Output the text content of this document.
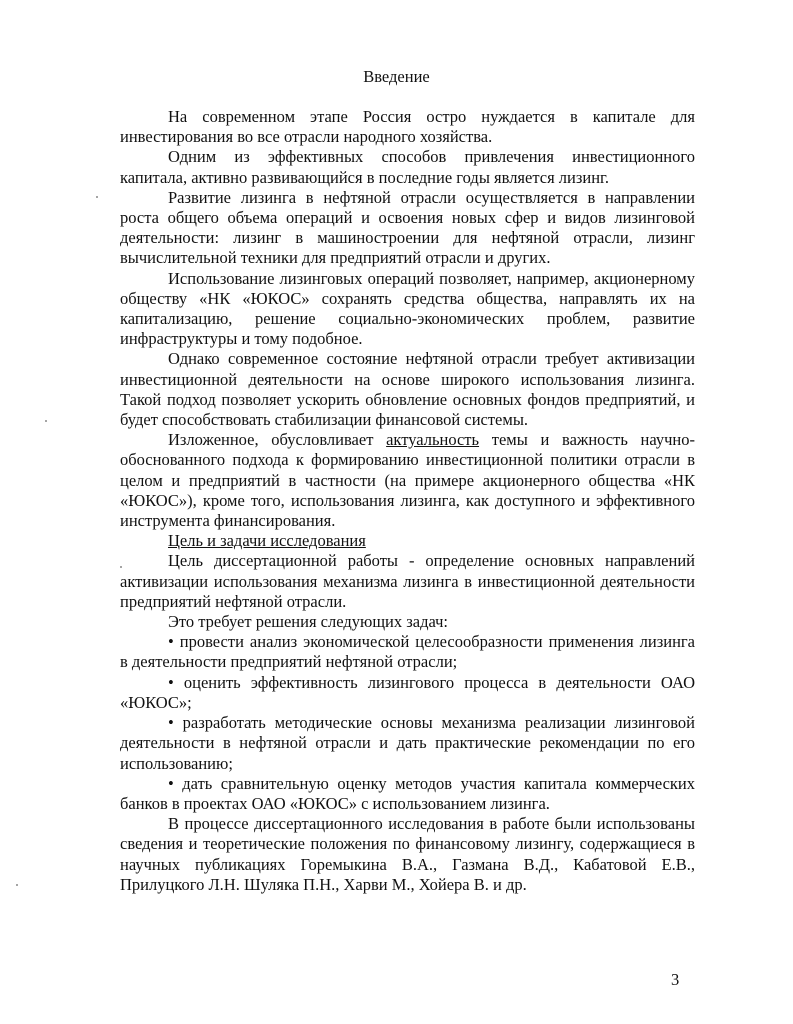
Введение

На современном этапе Россия остро нуждается в капитале для инвестирования во все отрасли народного хозяйства.

Одним из эффективных способов привлечения инвестиционного капитала, активно развивающийся в последние годы является лизинг.

Развитие лизинга в нефтяной отрасли осуществляется в направлении роста общего объема операций и освоения новых сфер и видов лизинговой деятельности: лизинг в машиностроении для нефтяной отрасли, лизинг вычислительной техники для предприятий отрасли и других.

Использование лизинговых операций позволяет, например, акционерному обществу «НК «ЮКОС» сохранять средства общества, направлять их на капитализацию, решение социально-экономических проблем, развитие инфраструктуры и тому подобное.

Однако современное состояние нефтяной отрасли требует активизации инвестиционной деятельности на основе широкого использования лизинга. Такой подход позволяет ускорить обновление основных фондов предприятий, и будет способствовать стабилизации финансовой системы.

Изложенное, обусловливает актуальность темы и важность научно-обоснованного подхода к формированию инвестиционной политики отрасли в целом и предприятий в частности (на примере акционерного общества «НК «ЮКОС»), кроме того, использования лизинга, как доступного и эффективного инструмента финансирования.

Цель и задачи исследования

Цель диссертационной работы - определение основных направлений активизации использования механизма лизинга в инвестиционной деятельности предприятий нефтяной отрасли.

Это требует решения следующих задач:

• провести анализ экономической целесообразности применения лизинга в деятельности предприятий нефтяной отрасли;

• оценить эффективность лизингового процесса в деятельности ОАО «ЮКОС»;

• разработать методические основы механизма реализации лизинговой деятельности в нефтяной отрасли и дать практические рекомендации по его использованию;

• дать сравнительную оценку методов участия капитала коммерческих банков в проектах ОАО «ЮКОС» с использованием лизинга.

В процессе диссертационного исследования в работе были использованы сведения и теоретические положения по финансовому лизингу, содержащиеся в научных публикациях Горемыкина В.А., Газмана В.Д., Кабатовой Е.В., Прилуцкого Л.Н. Шуляка П.Н., Харви М., Хойера В. и др.

3
